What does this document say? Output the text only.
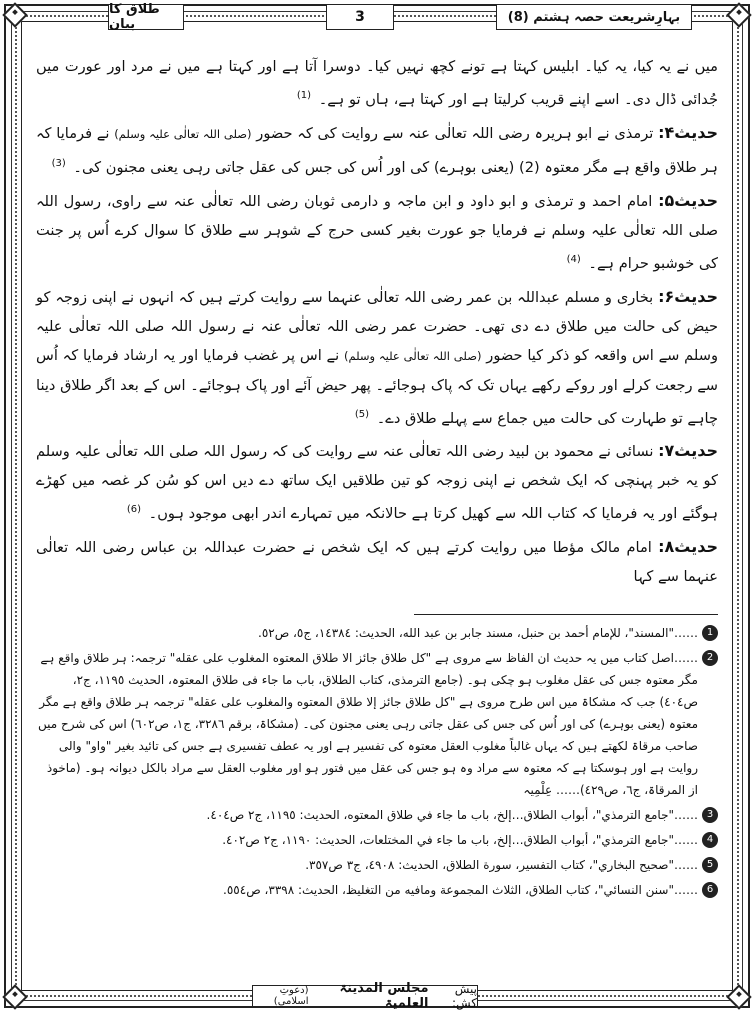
طلاق کا بیان	3	بہارِشریعت حصہ ہشتم (8)

میں نے یہ کیا، یہ کیا۔ ابلیس کہتا ہے تونے کچھ نہیں کیا۔ دوسرا آتا ہے اور کہتا ہے میں نے مرد اور عورت میں جُدائی ڈال دی۔ اسے اپنے قریب کرلیتا ہے اور کہتا ہے، ہاں تو ہے۔ $^{(1)}$

حدیث۴: ترمذی نے ابو ہریرہ رضی اللہ تعالٰی عنہ سے روایت کی کہ حضور (صلی اللہ تعالٰی علیہ وسلم) نے فرمایا کہ ہر طلاق واقع ہے مگر معتوہ (2) (یعنی بوہرے) کی اور اُس کی جس کی عقل جاتی رہی یعنی مجنون کی۔ $^{(3)}$

حدیث۵: امام احمد و ترمذی و ابو داود و ابن ماجہ و دارمی ثوبان رضی اللہ تعالٰی عنہ سے راوی، رسول اللہ صلی اللہ تعالٰی علیہ وسلم نے فرمایا جو عورت بغیر کسی حرج کے شوہر سے طلاق کا سوال کرے اُس پر جنت کی خوشبو حرام ہے۔ $^{(4)}$

حدیث۶: بخاری و مسلم عبداللہ بن عمر رضی اللہ تعالٰی عنہما سے روایت کرتے ہیں کہ انہوں نے اپنی زوجہ کو حیض کی حالت میں طلاق دے دی تھی۔ حضرت عمر رضی اللہ تعالٰی عنہ نے رسول اللہ صلی اللہ تعالٰی علیہ وسلم سے اس واقعہ کو ذکر کیا حضور (صلی اللہ تعالٰی علیہ وسلم) نے اس پر غضب فرمایا اور یہ ارشاد فرمایا کہ اُس سے رجعت کرلے اور روکے رکھے یہاں تک کہ پاک ہوجائے۔ پھر حیض آئے اور پاک ہوجائے۔ اس کے بعد اگر طلاق دینا چاہے تو طہارت کی حالت میں جماع سے پہلے طلاق دے۔ $^{(5)}$

حدیث۷: نسائی نے محمود بن لبید رضی اللہ تعالٰی عنہ سے روایت کی کہ رسول اللہ صلی اللہ تعالٰی علیہ وسلم کو یہ خبر پہنچی کہ ایک شخص نے اپنی زوجہ کو تین طلاقیں ایک ساتھ دے دیں اس کو سُن کر غصہ میں کھڑے ہوگئے اور یہ فرمایا کہ کتاب اللہ سے کھیل کرتا ہے حالانکہ میں تمہارے اندر ابھی موجود ہوں۔ $^{(6)}$

حدیث۸: امام مالک مؤطا میں روایت کرتے ہیں کہ ایک شخص نے حضرت عبداللہ بن عباس رضی اللہ تعالٰی عنہما سے کہا

1
……"المسند"، للإمام أحمد بن حنبل، مسند جابر بن عبد الله، الحديث: ١٤٣٨٤، ج٥، ص٥٢.
2
……اصل کتاب میں یہ حدیث ان الفاظ سے مروی ہے "کل طلاق جائز الا طلاق المعتوه المغلوب على عقله" ترجمہ: ہر طلاق واقع ہے مگر معتوہ جس کی عقل مغلوب ہو چکی ہو۔ (جامع الترمذی، کتاب الطلاق، باب ما جاء فی طلاق المعتوہ، الحدیث ١١٩٥، ج٢، ص٤٠٤) جب کہ مشکاۃ میں اس طرح مروی ہے "کل طلاق جائز إلا طلاق المعتوه والمغلوب على عقله" ترجمہ ہر طلاق واقع ہے مگر معتوہ (یعنی بوہرے) کی اور اُس کی جس کی عقل جاتی رہی یعنی مجنون کی۔ (مشکاۃ، برقم ٣٢٨٦، ج١، ص٦٠٢) اس کی شرح میں صاحب مرقاۃ لکھتے ہیں کہ یہاں غالباً مغلوب العقل معتوہ کی تفسیر ہے اور یہ عطف تفسیری ہے جس کی تائید بغیر "واو" والی روایت ہے اور ہوسکتا ہے کہ معتوہ سے مراد وہ ہو جس کی عقل میں فتور ہو اور مغلوب العقل سے مراد بالکل دیوانہ ہو۔ (ماخوذ از المرقاۃ، ج٦، ص٤٢٩)…… عِلْمِیہ
3
……"جامع الترمذي"، أبواب الطلاق…إلخ، باب ما جاء في طلاق المعتوه، الحديث: ١١٩٥، ج٢ ص٤٠٤.
4
……"جامع الترمذي"، أبواب الطلاق…إلخ، باب ما جاء في المختلعات، الحديث: ١١٩٠، ج٢ ص٤٠٢.
5
……"صحيح البخاري"، كتاب التفسير، سورة الطلاق، الحديث: ٤٩٠٨، ج٣ ص٣٥٧.
6
……"سنن النسائي"، كتاب الطلاق، الثلاث المجموعة ومافيه من التغليظ، الحديث: ٣٣٩٨، ص٥٥٤.
پیش کش:
مجلس المدینۃ العلمیۃ
(دعوتِ اسلامی)
